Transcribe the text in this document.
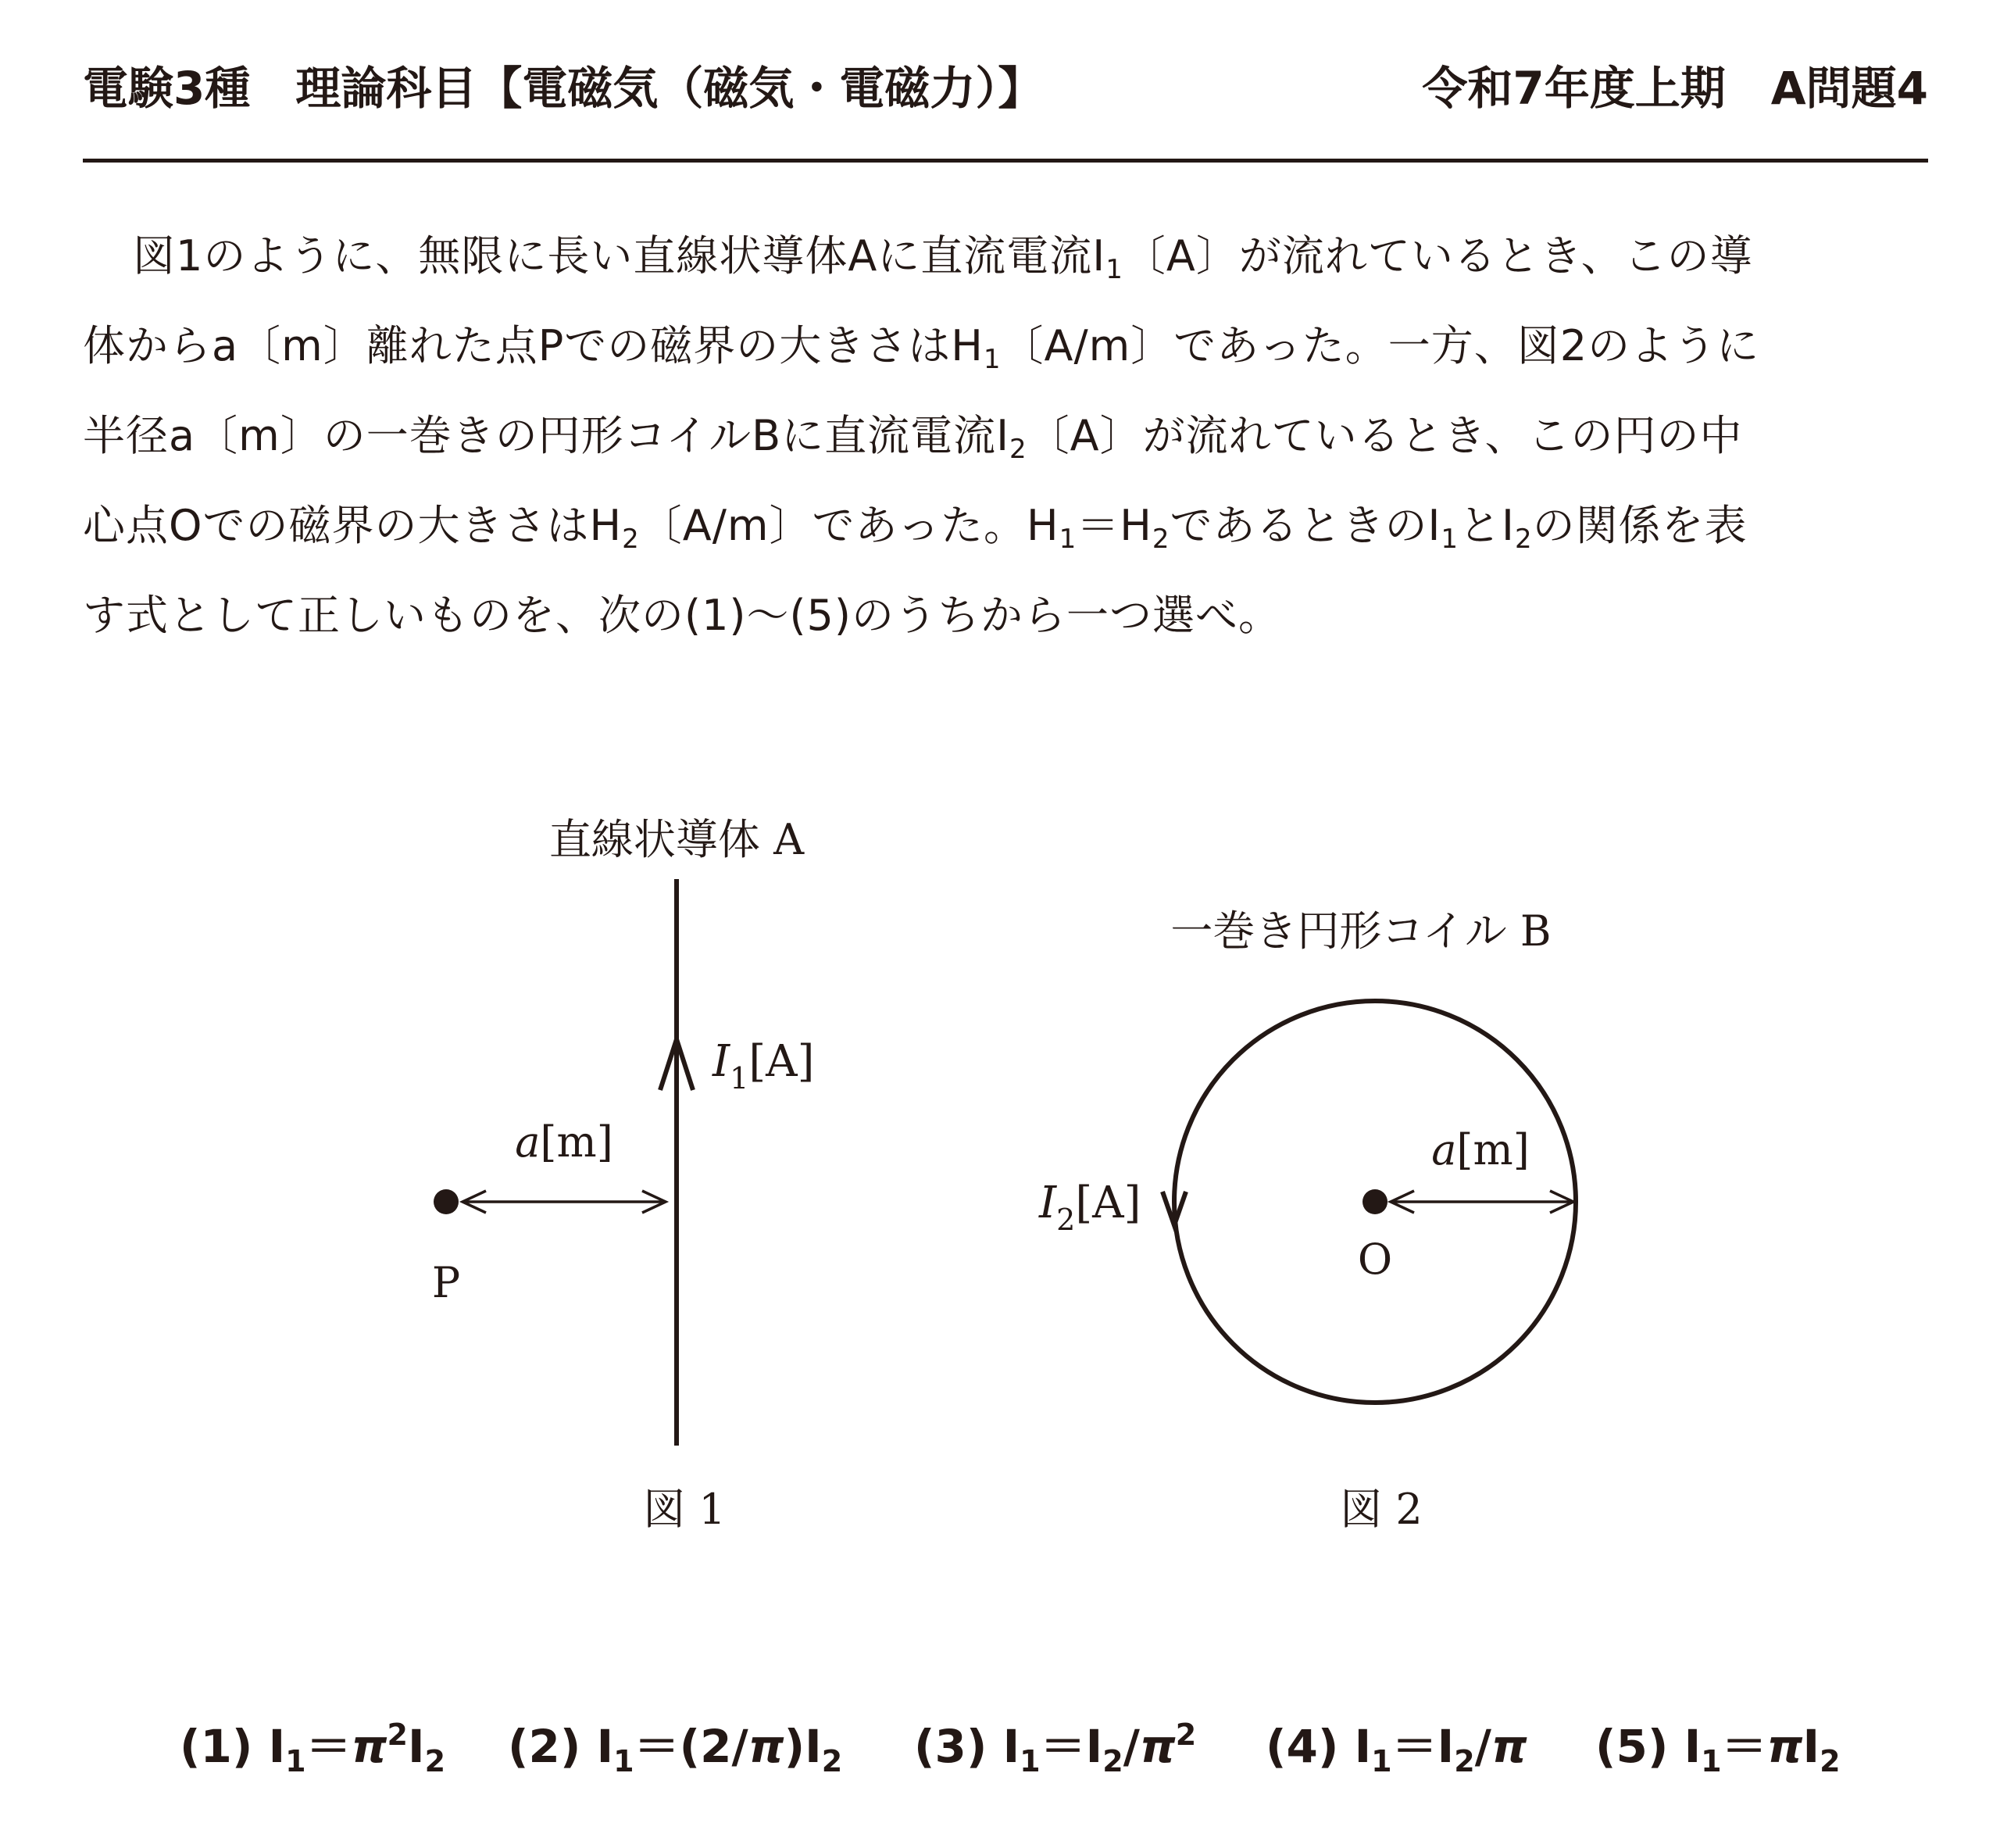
電験3種　理論科目【電磁気（磁気・電磁力）】	令和7年度上期　A問題4
図1のように、無限に長い直線状導体Aに直流電流$I_1$〔A〕が流れているとき、この導
体からa〔m〕離れた点Pでの磁界の大きさは$H_1$〔A/m〕であった。一方、図2のように
半径a〔m〕の一巻きの円形コイルBに直流電流$I_2$〔A〕が流れているとき、この円の中
心点Oでの磁界の大きさは$H_2$〔A/m〕であった。$H_1=H_2$であるときの$I_1$と$I_2$の関係を表
す式として正しいものを、次の(1)～(5)のうちから一つ選べ。
直線状導体 A
$I_1[A]$
a[m]
P
図 1
一巻き円形コイル B
$I_2[A]$
a[m]
O
図 2
(1) $I_1=\pi^2I_2$ (2) $I_1=(2/\pi)I_2$ (3) $I_1=I_2/\pi^2$ (4) $I_1=I_2/\pi$ (5) $I_1=\pi I_2$
